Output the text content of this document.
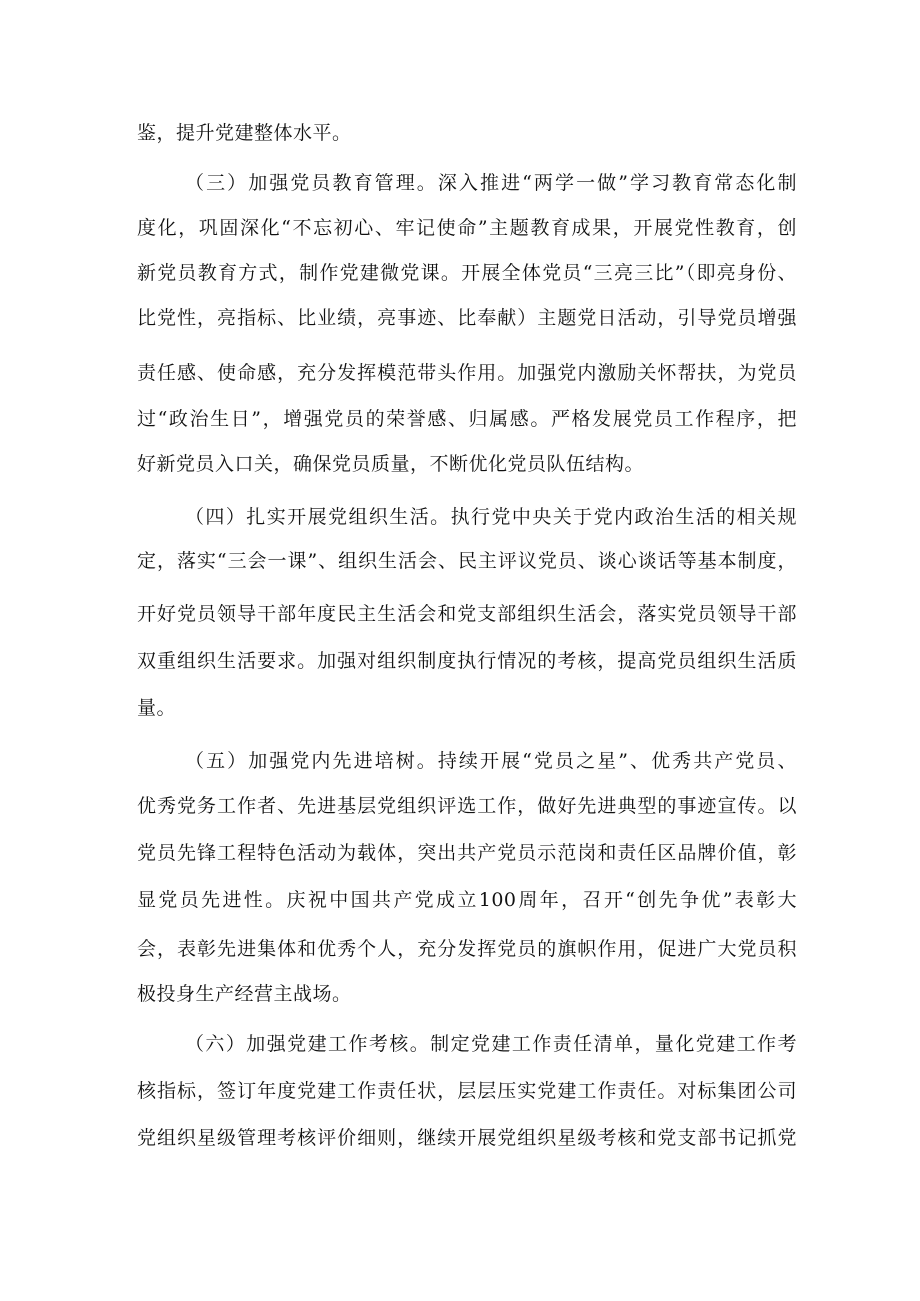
鉴，提升党建整体水平。
（三）加强党员教育管理。深入推进“两学一做”学习教育常态化制
度化，巩固深化“不忘初心、牢记使命”主题教育成果，开展党性教育，创
新党员教育方式，制作党建微党课。开展全体党员“三亮三比”（即亮身份、
比党性，亮指标、比业绩，亮事迹、比奉献）主题党日活动，引导党员增强
责任感、使命感，充分发挥模范带头作用。加强党内激励关怀帮扶，为党员
过“政治生日”，增强党员的荣誉感、归属感。严格发展党员工作程序，把
好新党员入口关，确保党员质量，不断优化党员队伍结构。
（四）扎实开展党组织生活。执行党中央关于党内政治生活的相关规
定，落实“三会一课”、组织生活会、民主评议党员、谈心谈话等基本制度，
开好党员领导干部年度民主生活会和党支部组织生活会，落实党员领导干部
双重组织生活要求。加强对组织制度执行情况的考核，提高党员组织生活质
量。
（五）加强党内先进培树。持续开展“党员之星”、优秀共产党员、
优秀党务工作者、先进基层党组织评选工作，做好先进典型的事迹宣传。以
党员先锋工程特色活动为载体，突出共产党员示范岗和责任区品牌价值，彰
显党员先进性。庆祝中国共产党成立100周年，召开“创先争优”表彰大
会，表彰先进集体和优秀个人，充分发挥党员的旗帜作用，促进广大党员积
极投身生产经营主战场。
（六）加强党建工作考核。制定党建工作责任清单，量化党建工作考
核指标，签订年度党建工作责任状，层层压实党建工作责任。对标集团公司
党组织星级管理考核评价细则，继续开展党组织星级考核和党支部书记抓党
